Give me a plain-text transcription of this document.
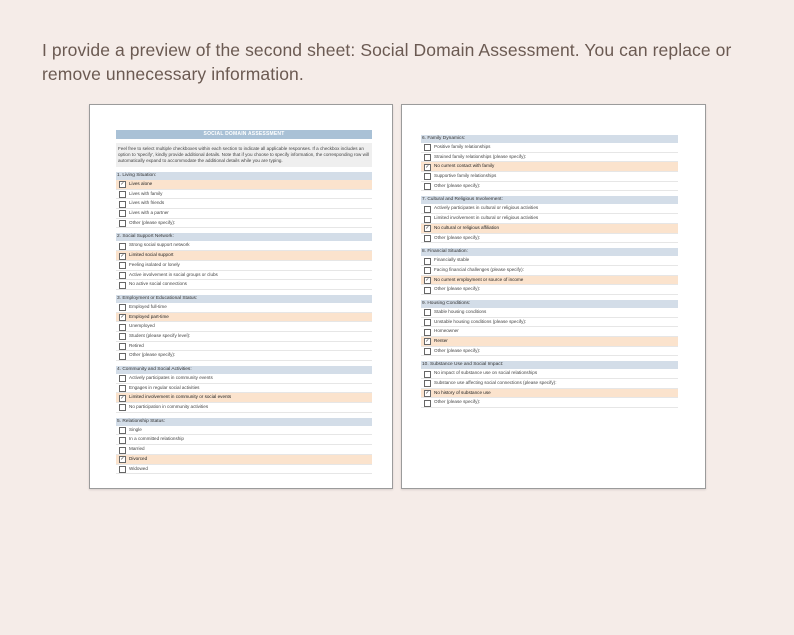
I provide a preview of the second sheet: Social Domain Assessment. You can replace or remove unnecessary information.
SOCIAL DOMAIN ASSESSMENT
Feel free to select multiple checkboxes within each section to indicate all applicable responses. If a checkbox includes an option to 'specify', kindly provide additional details. Note that if you choose to specify information, the corresponding row will automatically expand to accommodate the additional details while you are typing.
1. Living Situation:
✓ Lives alone
Lives with family
Lives with friends
Lives with a partner
Other (please specify):
2. Social Support Network:
Strong social support network
✓ Limited social support
Feeling isolated or lonely
Active involvement in social groups or clubs
No active social connections
3. Employment or Educational Status:
Employed full-time
✓ Employed part-time
Unemployed
Student (please specify level):
Retired
Other (please specify):
4. Community and Social Activities:
Actively participates in community events
Engages in regular social activities
✓ Limited involvement in community or social events
No participation in community activities
5. Relationship Status:
Single
In a committed relationship
Married
✓ Divorced
Widowed
6. Family Dynamics:
Positive family relationships
Strained family relationships (please specify):
✓ No current contact with family
Supportive family relationships
Other (please specify):
7. Cultural and Religious Involvement:
Actively participates in cultural or religious activities
Limited involvement in cultural or religious activities
✓ No cultural or religious affiliation
Other (please specify):
8. Financial Situation:
Financially stable
Facing financial challenges (please specify):
✓ No current employment or source of income
Other (please specify):
9. Housing Conditions:
Stable housing conditions
Unstable housing conditions (please specify):
Homeowner
✓ Renter
Other (please specify):
10. Substance Use and Social Impact:
No impact of substance use on social relationships
Substance use affecting social connections (please specify):
✓ No history of substance use
Other (please specify):
